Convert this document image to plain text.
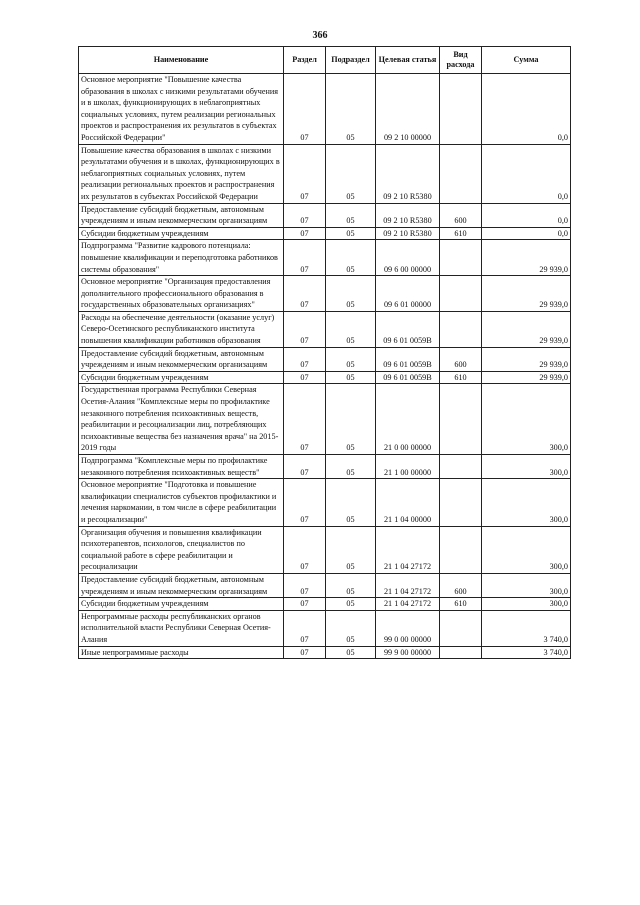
366
Наименование	Раздел	Подраздел	Целевая статья	Вид расхода	Сумма
Основное мероприятие "Повышение качества образования в школах с низкими результатами обучения и в школах, функционирующих в неблагоприятных социальных условиях, путем реализации региональных проектов и распространения их результатов в субъектах Российской Федерации"	07	05	09 2 10 00000		0,0
Повышение качества образования в школах с низкими результатами обучения и в школах, функционирующих в неблагоприятных социальных условиях, путем реализации региональных проектов и распространения их результатов в субъектах Российской Федерации	07	05	09 2 10 R5380		0,0
Предоставление субсидий бюджетным, автономным учреждениям и иным некоммерческим организациям	07	05	09 2 10 R5380	600	0,0
Субсидии бюджетным учреждениям	07	05	09 2 10 R5380	610	0,0
Подпрограмма "Развитие кадрового потенциала: повышение квалификации и переподготовка работников системы образования"	07	05	09 6 00 00000		29 939,0
Основное мероприятие "Организация предоставления дополнительного профессионального образования в государственных образовательных организациях"	07	05	09 6 01 00000		29 939,0
Расходы на обеспечение деятельности (оказание услуг) Северо-Осетинского республиканского института повышения квалификации работников образования	07	05	09 6 01 0059В		29 939,0
Предоставление субсидий бюджетным, автономным учреждениям и иным некоммерческим организациям	07	05	09 6 01 0059В	600	29 939,0
Субсидии бюджетным учреждениям	07	05	09 6 01 0059В	610	29 939,0
Государственная программа Республики Северная Осетия-Алания "Комплексные меры по профилактике незаконного потребления психоактивных веществ, реабилитации и ресоциализации лиц, потребляющих психоактивные вещества без назначения врача" на 2015-2019 годы	07	05	21 0 00 00000		300,0
Подпрограмма "Комплексные меры по профилактике незаконного потребления психоактивных веществ"	07	05	21 1 00 00000		300,0
Основное мероприятие "Подготовка и повышение квалификации специалистов субъектов профилактики и лечения наркомании, в том числе в сфере реабилитации и ресоциализации"	07	05	21 1 04 00000		300,0
Организация обучения и повышения квалификации психотерапевтов, психологов, специалистов по социальной работе в сфере реабилитации и ресоциализации	07	05	21 1 04 27172		300,0
Предоставление субсидий бюджетным, автономным учреждениям и иным некоммерческим организациям	07	05	21 1 04 27172	600	300,0
Субсидии бюджетным учреждениям	07	05	21 1 04 27172	610	300,0
Непрограммные расходы республиканских органов исполнительной власти Республики Северная Осетия-Алания	07	05	99 0 00 00000		3 740,0
Иные непрограммные расходы	07	05	99 9 00 00000		3 740,0
